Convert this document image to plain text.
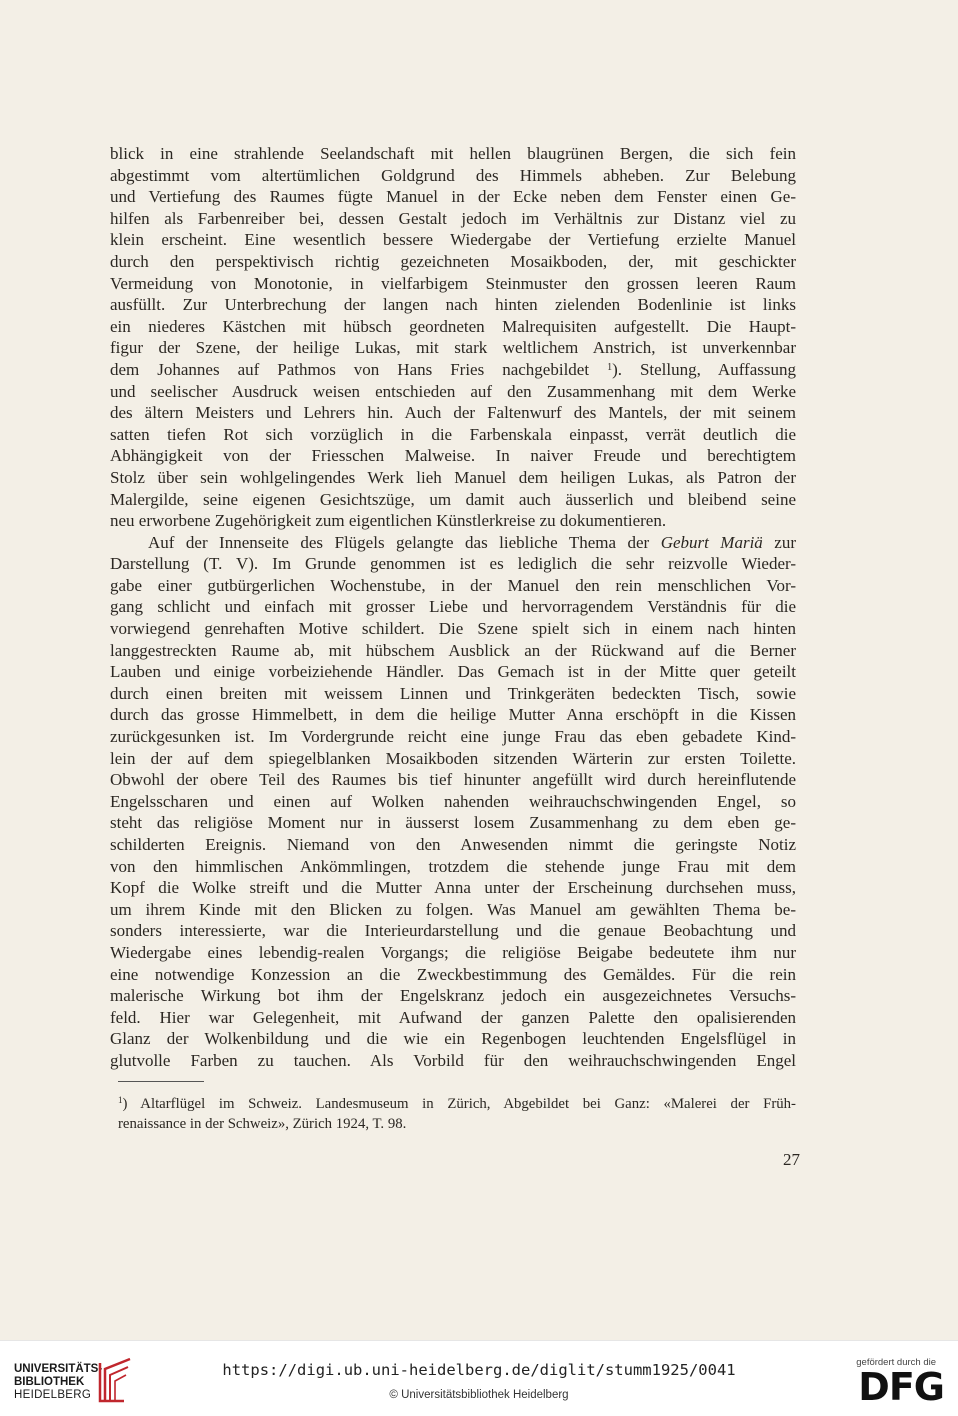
blick in eine strahlende Seelandschaft mit hellen blaugrünen Bergen, die sich fein
abgestimmt vom altertümlichen Goldgrund des Himmels abheben. Zur Belebung
und Vertiefung des Raumes fügte Manuel in der Ecke neben dem Fenster einen Ge-
hilfen als Farbenreiber bei, dessen Gestalt jedoch im Verhältnis zur Distanz viel zu
klein erscheint. Eine wesentlich bessere Wiedergabe der Vertiefung erzielte Manuel
durch den perspektivisch richtig gezeichneten Mosaikboden, der, mit geschickter
Vermeidung von Monotonie, in vielfarbigem Steinmuster den grossen leeren Raum
ausfüllt. Zur Unterbrechung der langen nach hinten zielenden Bodenlinie ist links
ein niederes Kästchen mit hübsch geordneten Malrequisiten aufgestellt. Die Haupt-
figur der Szene, der heilige Lukas, mit stark weltlichem Anstrich, ist unverkennbar
dem Johannes auf Pathmos von Hans Fries nachgebildet $^1$). Stellung, Auffassung
und seelischer Ausdruck weisen entschieden auf den Zusammenhang mit dem Werke
des ältern Meisters und Lehrers hin. Auch der Faltenwurf des Mantels, der mit seinem
satten tiefen Rot sich vorzüglich in die Farbenskala einpasst, verrät deutlich die
Abhängigkeit von der Friesschen Malweise. In naiver Freude und berechtigtem
Stolz über sein wohlgelingendes Werk lieh Manuel dem heiligen Lukas, als Patron der
Malergilde, seine eigenen Gesichtszüge, um damit auch äusserlich und bleibend seine
neu erworbene Zugehörigkeit zum eigentlichen Künstlerkreise zu dokumentieren.
Auf der Innenseite des Flügels gelangte das liebliche Thema der Geburt Mariä zur
Darstellung (T. V). Im Grunde genommen ist es lediglich die sehr reizvolle Wieder-
gabe einer gutbürgerlichen Wochenstube, in der Manuel den rein menschlichen Vor-
gang schlicht und einfach mit grosser Liebe und hervorragendem Verständnis für die
vorwiegend genrehaften Motive schildert. Die Szene spielt sich in einem nach hinten
langgestreckten Raume ab, mit hübschem Ausblick an der Rückwand auf die Berner
Lauben und einige vorbeiziehende Händler. Das Gemach ist in der Mitte quer geteilt
durch einen breiten mit weissem Linnen und Trinkgeräten bedeckten Tisch, sowie
durch das grosse Himmelbett, in dem die heilige Mutter Anna erschöpft in die Kissen
zurückgesunken ist. Im Vordergrunde reicht eine junge Frau das eben gebadete Kind-
lein der auf dem spiegelblanken Mosaikboden sitzenden Wärterin zur ersten Toilette.
Obwohl der obere Teil des Raumes bis tief hinunter angefüllt wird durch hereinflutende
Engelsscharen und einen auf Wolken nahenden weihrauchschwingenden Engel, so
steht das religiöse Moment nur in äusserst losem Zusammenhang zu dem eben ge-
schilderten Ereignis. Niemand von den Anwesenden nimmt die geringste Notiz
von den himmlischen Ankömmlingen, trotzdem die stehende junge Frau mit dem
Kopf die Wolke streift und die Mutter Anna unter der Erscheinung durchsehen muss,
um ihrem Kinde mit den Blicken zu folgen. Was Manuel am gewählten Thema be-
sonders interessierte, war die Interieurdarstellung und die genaue Beobachtung und
Wiedergabe eines lebendig-realen Vorgangs; die religiöse Beigabe bedeutete ihm nur
eine notwendige Konzession an die Zweckbestimmung des Gemäldes. Für die rein
malerische Wirkung bot ihm der Engelskranz jedoch ein ausgezeichnetes Versuchs-
feld. Hier war Gelegenheit, mit Aufwand der ganzen Palette den opalisierenden
Glanz der Wolkenbildung und die wie ein Regenbogen leuchtenden Engelsflügel in
glutvolle Farben zu tauchen. Als Vorbild für den weihrauchschwingenden Engel
$^1$) Altarflügel im Schweiz. Landesmuseum in Zürich, Abgebildet bei Ganz: «Malerei der Früh-
renaissance in der Schweiz», Zürich 1924, T. 98.
27
UNIVERSITÄTS-
BIBLIOTHEK
HEIDELBERG
https://digi.ub.uni-heidelberg.de/diglit/stumm1925/0041
© Universitätsbibliothek Heidelberg
gefördert durch die
DFG
